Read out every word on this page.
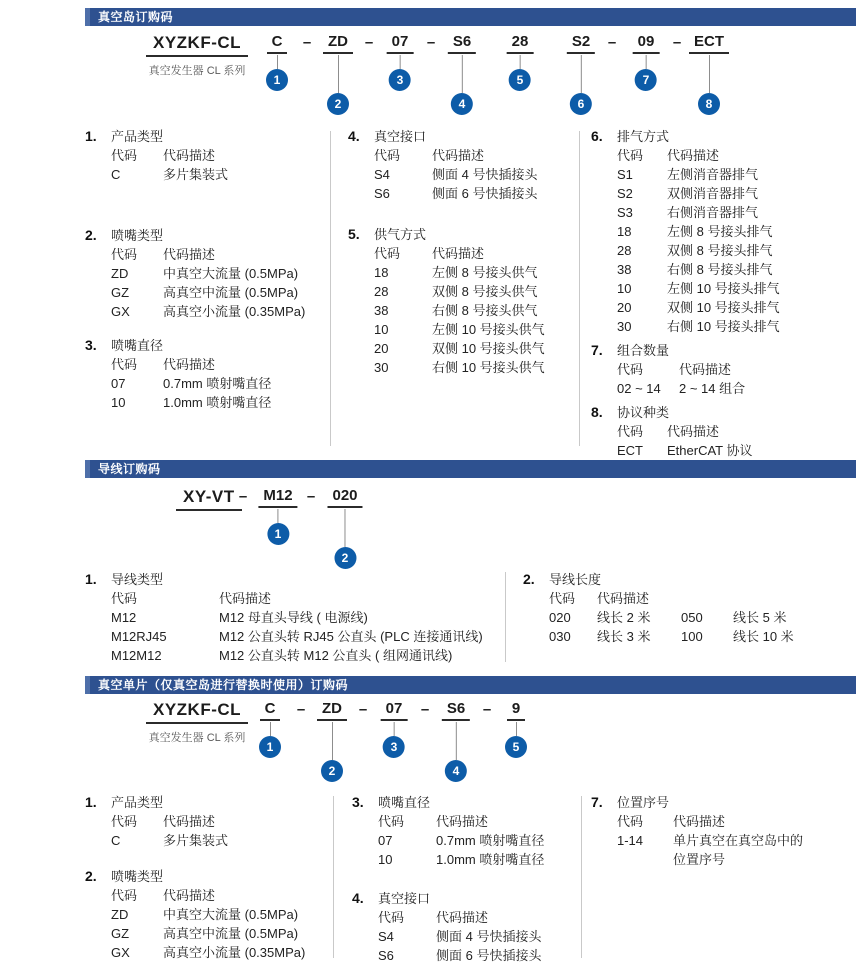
真空岛订购码
XYZKF-CL
真空发生器 CL 系列
C
1
–	ZD
2
–	07
3
–	S6
4
28
5
S2
6
–	09
7
– ECT
8
1.	产品类型
代码	代码描述
C	多片集装式
2.	喷嘴类型
代码	代码描述
ZD	中真空大流量 (0.5MPa)
GZ	高真空中流量 (0.5MPa)
GX	高真空小流量 (0.35MPa)
3.	喷嘴直径
代码	代码描述
07	0.7mm 喷射嘴直径
10	1.0mm 喷射嘴直径
4.	真空接口
代码	代码描述
S4	侧面 4 号快插接头
S6	侧面 6 号快插接头
5.	供气方式
代码	代码描述
18	左侧 8 号接头供气
28	双侧 8 号接头供气
38	右侧 8 号接头供气
10	左侧 10 号接头供气
20	双侧 10 号接头供气
30	右侧 10 号接头供气
6.	排气方式
代码	代码描述
S1	左侧消音器排气
S2	双侧消音器排气
S3	右侧消音器排气
18	左侧 8 号接头排气
28	双侧 8 号接头排气
38	右侧 8 号接头排气
10	左侧 10 号接头排气
20	双侧 10 号接头排气
30	右侧 10 号接头排气
7.	组合数量
代码	代码描述
02 ~ 14	2 ~ 14 组合
8.	协议种类
代码	代码描述
ECT	EtherCAT 协议
导线订购码
XY-VT –	M12
1
–	020
2
1.	导线类型
代码	代码描述
M12	M12 母直头导线 ( 电源线)
M12RJ45	M12 公直头转 RJ45 公直头 (PLC 连接通讯线)
M12M12	M12 公直头转 M12 公直头 ( 组网通讯线)
2.	导线长度
代码	代码描述
020	线长 2 米	050	线长 5 米
030	线长 3 米	100	线长 10 米
真空单片（仅真空岛进行替换时使用）订购码
XYZKF-CL
真空发生器 CL 系列
C
1
–	ZD
2
–	07
3
–	S6
4
–	9
5
1.	产品类型
代码	代码描述
C	多片集装式
2.	喷嘴类型
代码	代码描述
ZD	中真空大流量 (0.5MPa)
GZ	高真空中流量 (0.5MPa)
GX	高真空小流量 (0.35MPa)
3.	喷嘴直径
代码	代码描述
07	0.7mm 喷射嘴直径
10	1.0mm 喷射嘴直径
4.	真空接口
代码	代码描述
S4	侧面 4 号快插接头
S6	侧面 6 号快插接头
7.	位置序号
代码	代码描述
1-14	单片真空在真空岛中的位置序号
